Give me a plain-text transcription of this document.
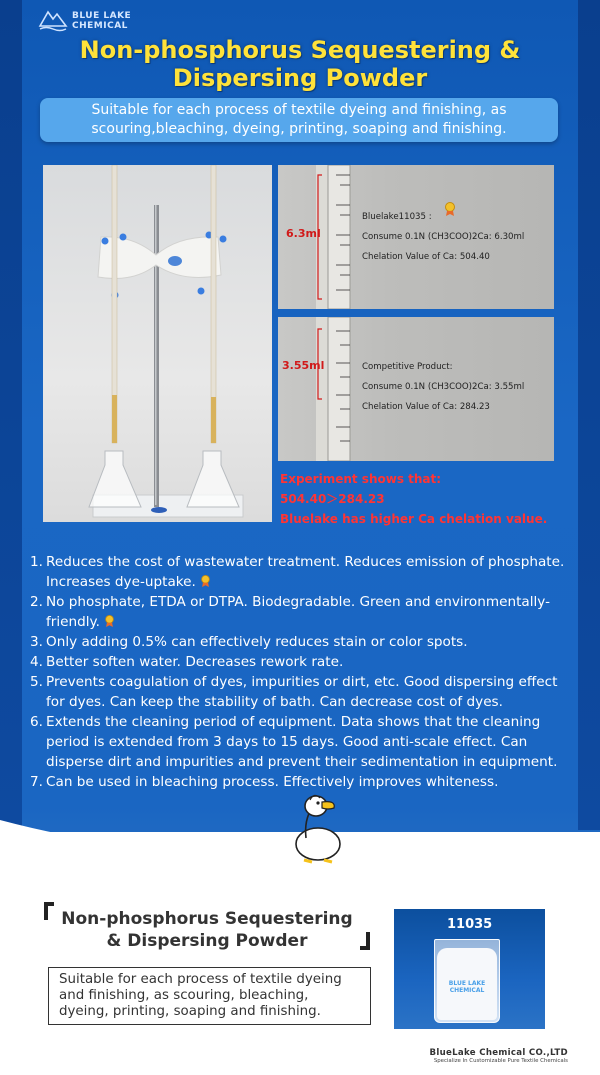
BLUE LAKE
CHEMICAL
Non-phosphorus Sequestering &
Dispersing Powder
Suitable for each process of textile dyeing and finishing, as
scouring,bleaching, dyeing, printing, soaping and finishing.
6.3ml
Bluelake11035 :
Consume 0.1N (CH3COO)2Ca: 6.30ml
Chelation Value of Ca: 504.40
3.55ml	Competitive Product:
Consume 0.1N (CH3COO)2Ca: 3.55ml
Chelation Value of Ca: 284.23
Experiment shows that:
504.40＞284.23
Bluelake has higher Ca chelation value.
1. Reduces the cost of wastewater treatment. Reduces emission of phosphate. Increases dye-uptake.
2. No phosphate, ETDA or DTPA. Biodegradable. Green and environmentally-friendly.
3. Only adding 0.5% can effectively reduces stain or color spots.
4. Better soften water. Decreases rework rate.
5. Prevents coagulation of dyes, impurities or dirt, etc. Good dispersing effect for dyes. Can keep the stability of bath. Can decrease cost of dyes.
6. Extends the cleaning period of equipment. Data shows that the cleaning period is extended from 3 days to 15 days. Good anti-scale effect. Can disperse dirt and impurities and prevent their sedimentation in equipment.
7. Can be used in bleaching process. Effectively improves whiteness.
Non-phosphorus Sequestering
& Dispersing Powder
Suitable for each process of textile dyeing and finishing, as scouring, bleaching, dyeing, printing, soaping and finishing.
11035
BLUE LAKE
CHEMICAL
BlueLake Chemical CO.,LTD
Specialize In Customizable Pure Textile Chemicals
